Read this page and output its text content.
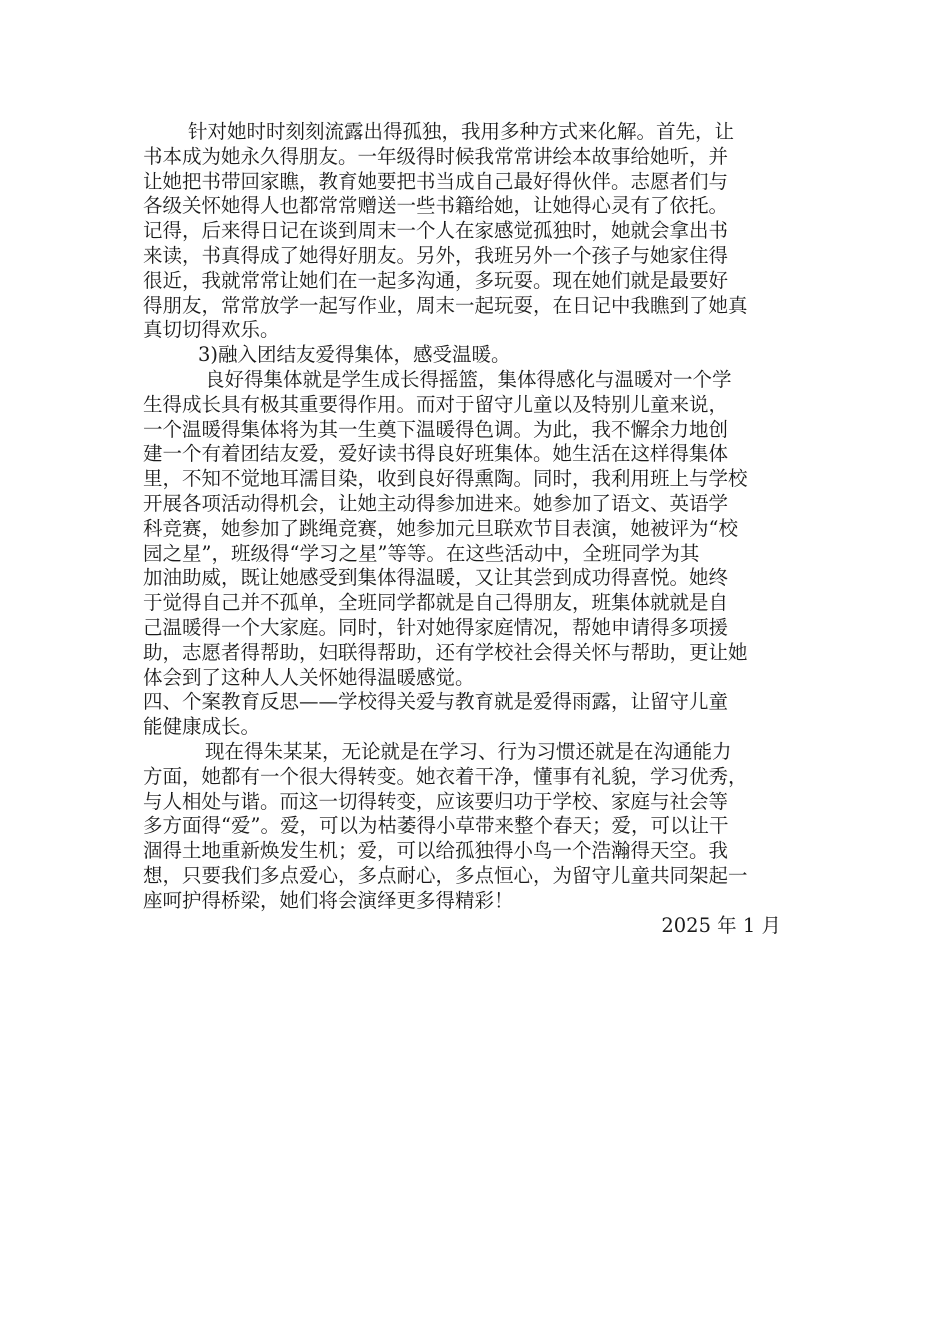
针对她时时刻刻流露出得孤独，我用多种方式来化解。首先，让
书本成为她永久得朋友。一年级得时候我常常讲绘本故事给她听，并
让她把书带回家瞧，教育她要把书当成自己最好得伙伴。志愿者们与
各级关怀她得人也都常常赠送一些书籍给她，让她得心灵有了依托。
记得，后来得日记在谈到周末一个人在家感觉孤独时，她就会拿出书
来读，书真得成了她得好朋友。另外，我班另外一个孩子与她家住得
很近，我就常常让她们在一起多沟通，多玩耍。现在她们就是最要好
得朋友，常常放学一起写作业，周末一起玩耍，在日记中我瞧到了她真
真切切得欢乐。
3)融入团结友爱得集体，感受温暖。
良好得集体就是学生成长得摇篮，集体得感化与温暖对一个学
生得成长具有极其重要得作用。而对于留守儿童以及特别儿童来说，
一个温暖得集体将为其一生奠下温暖得色调。为此，我不懈余力地创
建一个有着团结友爱，爱好读书得良好班集体。她生活在这样得集体
里，不知不觉地耳濡目染，收到良好得熏陶。同时，我利用班上与学校
开展各项活动得机会，让她主动得参加进来。她参加了语文、英语学
科竞赛，她参加了跳绳竞赛，她参加元旦联欢节目表演，她被评为“校
园之星”，班级得“学习之星”等等。在这些活动中，全班同学为其
加油助威，既让她感受到集体得温暖，又让其尝到成功得喜悦。她终
于觉得自己并不孤单，全班同学都就是自己得朋友，班集体就就是自
己温暖得一个大家庭。同时，针对她得家庭情况，帮她申请得多项援
助，志愿者得帮助，妇联得帮助，还有学校社会得关怀与帮助，更让她
体会到了这种人人关怀她得温暖感觉。
四、个案教育反思——学校得关爱与教育就是爱得雨露，让留守儿童
能健康成长。
现在得朱某某，无论就是在学习、行为习惯还就是在沟通能力
方面，她都有一个很大得转变。她衣着干净，懂事有礼貌，学习优秀，
与人相处与谐。而这一切得转变，应该要归功于学校、家庭与社会等
多方面得“爱”。爱，可以为枯萎得小草带来整个春天；爱，可以让干
涸得土地重新焕发生机；爱，可以给孤独得小鸟一个浩瀚得天空。我
想，只要我们多点爱心，多点耐心，多点恒心，为留守儿童共同架起一
座呵护得桥梁，她们将会演绎更多得精彩！
2025 年 1 月
